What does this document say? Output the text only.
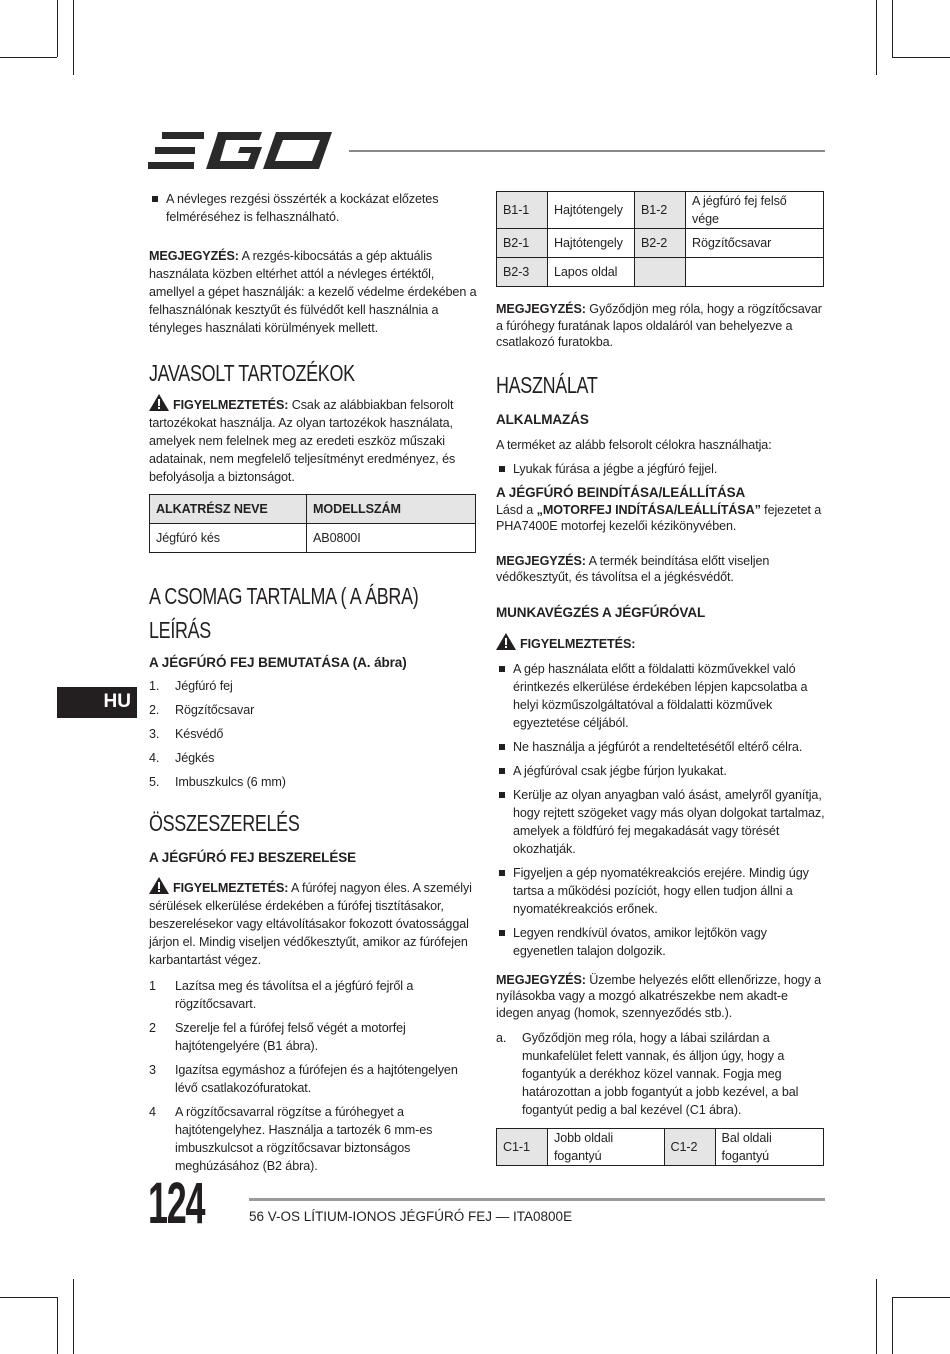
EGO
HU

A névleges rezgési összérték a kockázat előzetes felméréséhez is felhasználható.

MEGJEGYZÉS: A rezgés-kibocsátás a gép aktuális használata közben eltérhet attól a névleges értéktől, amellyel a gépet használják: a kezelő védelme érdekében a felhasználónak kesztyűt és fülvédőt kell használnia a tényleges használati körülmények mellett.

JAVASOLT TARTOZÉKOK

FIGYELMEZTETÉS: Csak az alábbiakban felsorolt tartozékokat használja. Az olyan tartozékok használata, amelyek nem felelnek meg az eredeti eszköz műszaki adatainak, nem megfelelő teljesítményt eredményez, és befolyásolja a biztonságot.

ALKATRÉSZ NEVE	MODELLSZÁM
Jégfúró kés	AB0800I
A CSOMAG TARTALMA ( A ÁBRA)
LEÍRÁS
A JÉGFÚRÓ FEJ BEMUTATÁSA (A. ábra)

1. Jégfúró fej

2. Rögzítőcsavar

3. Késvédő

4. Jégkés

5. Imbuszkulcs (6 mm)

ÖSSZESZERELÉS
A JÉGFÚRÓ FEJ BESZERELÉSE

FIGYELMEZTETÉS: A fúrófej nagyon éles. A személyi sérülések elkerülése érdekében a fúrófej tisztításakor, beszerelésekor vagy eltávolításakor fokozott óvatossággal járjon el. Mindig viseljen védőkesztyűt, amikor az fúrófejen karbantartást végez.

1 Lazítsa meg és távolítsa el a jégfúró fejről a rögzítőcsavart.

2 Szerelje fel a fúrófej felső végét a motorfej hajtótengelyére (B1 ábra).

3 Igazítsa egymáshoz a fúrófejen és a hajtótengelyen lévő csatlakozófuratokat.

4 A rögzítőcsavarral rögzítse a fúróhegyet a hajtótengelyhez. Használja a tartozék 6 mm-es imbuszkulcsot a rögzítőcsavar biztonságos meghúzásához (B2 ábra).

B1-1	Hajtótengely	B1-2	A jégfúró fej felső vége
B2-1	Hajtótengely	B2-2	Rögzítőcsavar
B2-3	Lapos oldal		

MEGJEGYZÉS: Győződjön meg róla, hogy a rögzítőcsavar a fúróhegy furatának lapos oldaláról van behelyezve a csatlakozó furatokba.

HASZNÁLAT
ALKALMAZÁS

A terméket az alább felsorolt célokra használhatja:

Lyukak fúrása a jégbe a jégfúró fejjel.

A JÉGFÚRÓ BEINDÍTÁSA/LEÁLLÍTÁSA

Lásd a „MOTORFEJ INDÍTÁSA/LEÁLLÍTÁSA” fejezetet a PHA7400E motorfej kezelői kézikönyvében.

MEGJEGYZÉS: A termék beindítása előtt viseljen védőkesztyűt, és távolítsa el a jégkésvédőt.

MUNKAVÉGZÉS A JÉGFÚRÓVAL

FIGYELMEZTETÉS:

A gép használata előtt a földalatti közművekkel való érintkezés elkerülése érdekében lépjen kapcsolatba a helyi közműszolgáltatóval a földalatti közművek egyeztetése céljából.

Ne használja a jégfúrót a rendeltetésétől eltérő célra.

A jégfúróval csak jégbe fúrjon lyukakat.

Kerülje az olyan anyagban való ásást, amelyről gyanítja, hogy rejtett szögeket vagy más olyan dolgokat tartalmaz, amelyek a földfúró fej megakadását vagy törését okozhatják.

Figyeljen a gép nyomatékreakciós erejére. Mindig úgy tartsa a működési pozíciót, hogy ellen tudjon állni a nyomatékreakciós erőnek.

Legyen rendkívül óvatos, amikor lejtőkön vagy egyenetlen talajon dolgozik.

MEGJEGYZÉS: Üzembe helyezés előtt ellenőrizze, hogy a nyílásokba vagy a mozgó alkatrészekbe nem akadt-e idegen anyag (homok, szennyeződés stb.).

a. Győződjön meg róla, hogy a lábai szilárdan a munkafelület felett vannak, és álljon úgy, hogy a fogantyúk a derékhoz közel vannak. Fogja meg határozottan a jobb fogantyút a jobb kezével, a bal fogantyút pedig a bal kezével (C1 ábra).

C1-1	Jobb oldali fogantyú	C1-2	Bal oldali fogantyú
124	56 V-OS LÍTIUM-IONOS JÉGFÚRÓ FEJ — ITA0800E
